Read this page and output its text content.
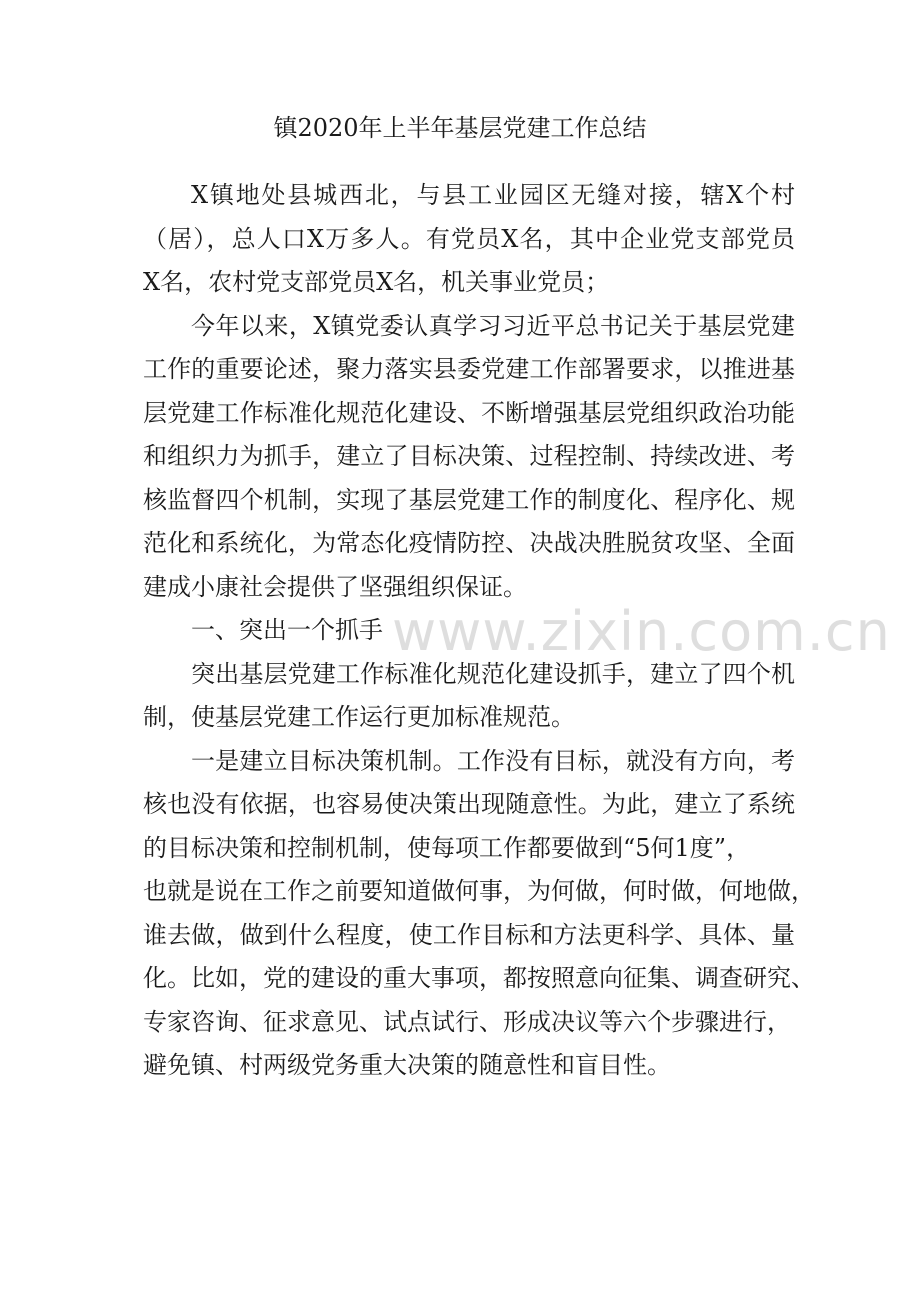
镇2020年上半年基层党建工作总结
X镇地处县城西北，与县工业园区无缝对接，辖X个村
（居），总人口X万多人。有党员X名，其中企业党支部党员
X名，农村党支部党员X名，机关事业党员；
今年以来，X镇党委认真学习习近平总书记关于基层党建
工作的重要论述，聚力落实县委党建工作部署要求，以推进基
层党建工作标准化规范化建设、不断增强基层党组织政治功能
和组织力为抓手，建立了目标决策、过程控制、持续改进、考
核监督四个机制，实现了基层党建工作的制度化、程序化、规
范化和系统化，为常态化疫情防控、决战决胜脱贫攻坚、全面
建成小康社会提供了坚强组织保证。
一、突出一个抓手
突出基层党建工作标准化规范化建设抓手，建立了四个机
制，使基层党建工作运行更加标准规范。
一是建立目标决策机制。工作没有目标，就没有方向，考
核也没有依据，也容易使决策出现随意性。为此，建立了系统
的目标决策和控制机制，使每项工作都要做到“5何1度”，
也就是说在工作之前要知道做何事，为何做，何时做，何地做，
谁去做，做到什么程度，使工作目标和方法更科学、具体、量
化。比如，党的建设的重大事项，都按照意向征集、调查研究、
专家咨询、征求意见、试点试行、形成决议等六个步骤进行，
避免镇、村两级党务重大决策的随意性和盲目性。
www.zixin.com.cn
